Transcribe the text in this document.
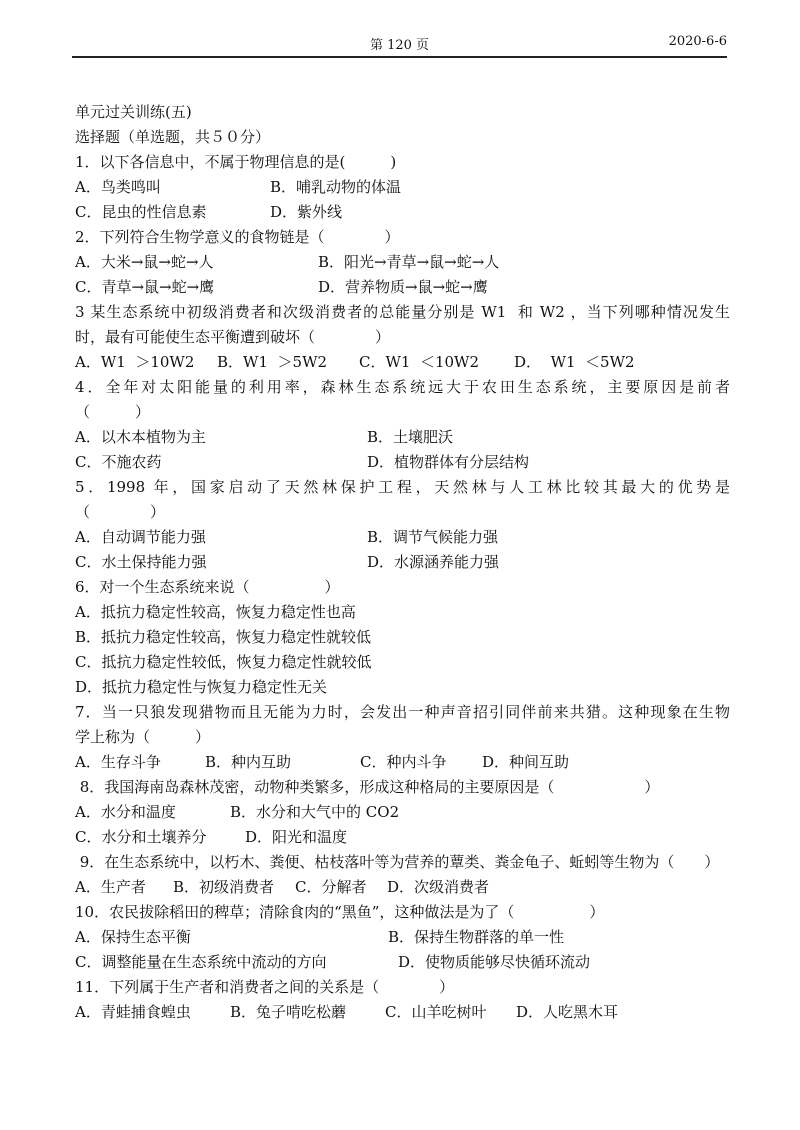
第 120 页	2020-6-6
单元过关训练(五)
选择题（单选题，共５０分）
1．以下各信息中，不属于物理信息的是(　　　)
A．鸟类鸣叫	B．哺乳动物的体温
C．昆虫的性信息素	D．紫外线
2．下列符合生物学意义的食物链是（　　　　）
A．大米→鼠→蛇→人	B．阳光→青草→鼠→蛇→人
C．青草→鼠→蛇→鹰	D．营养物质→鼠→蛇→鹰
3 某生态系统中初级消费者和次级消费者的总能量分别是 W1  和 W2 ，当下列哪种情况发生
时，最有可能使生态平衡遭到破坏（　　　　）
A．W1  ＞10W2	B．W1  ＞5W2	C．W1  ＜10W2	D．  W1  ＜5W2
4．全年对太阳能量的利用率，森林生态系统远大于农田生态系统，主要原因是前者
（　　　）
A．以木本植物为主	B．土壤肥沃
C．不施农药	D．植物群体有分层结构
5．1998 年，国家启动了天然林保护工程，天然林与人工林比较其最大的优势是
（　　　　）
A．自动调节能力强	B．调节气候能力强
C．水土保持能力强	D．水源涵养能力强
6．对一个生态系统来说（　　　　　）
A．抵抗力稳定性较高，恢复力稳定性也高
B．抵抗力稳定性较高，恢复力稳定性就较低
C．抵抗力稳定性较低，恢复力稳定性就较低
D．抵抗力稳定性与恢复力稳定性无关
7．当一只狼发现猎物而且无能为力时，会发出一种声音招引同伴前来共猎。这种现象在生物
学上称为（　　　）
A．生存斗争	B．种内互助	C．种内斗争	D．种间互助
8．我国海南岛森林茂密，动物种类繁多，形成这种格局的主要原因是（　　　　　　）
A．水分和温度	B．水分和大气中的 CO2
C．水分和土壤养分	D．阳光和温度
9．在生态系统中，以朽木、粪便、枯枝落叶等为营养的蕈类、粪金龟子、蚯蚓等生物为（　　）
A．生产者	B．初级消费者	C．分解者	D．次级消费者
10．农民拔除稻田的稗草；清除食肉的“黑鱼”，这种做法是为了（　　　　　）
A．保持生态平衡	B．保持生物群落的单一性
C．调整能量在生态系统中流动的方向	D．使物质能够尽快循环流动
11．下列属于生产者和消费者之间的关系是（　　　　）
A．青蛙捕食蝗虫	B．兔子啃吃松蘑	C．山羊吃树叶	D．人吃黑木耳
